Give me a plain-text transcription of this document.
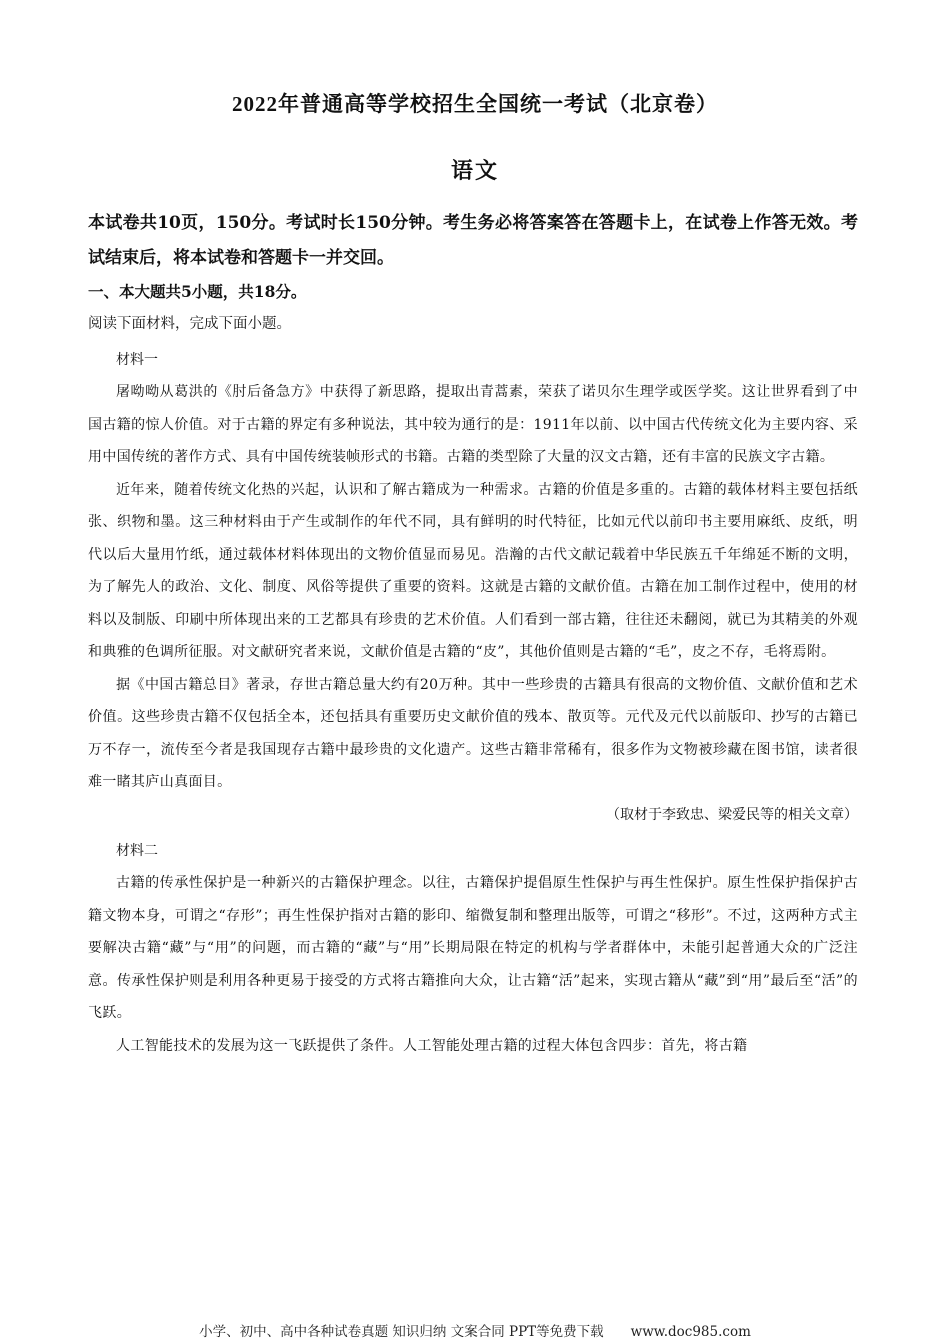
2022年普通高等学校招生全国统一考试（北京卷）
语文

本试卷共10页，150分。考试时长150分钟。考生务必将答案答在答题卡上，在试卷上作答无效。考试结束后，将本试卷和答题卡一并交回。

一、本大题共5小题，共18分。

阅读下面材料，完成下面小题。

材料一

屠呦呦从葛洪的《肘后备急方》中获得了新思路，提取出青蒿素，荣获了诺贝尔生理学或医学奖。这让世界看到了中国古籍的惊人价值。对于古籍的界定有多种说法，其中较为通行的是：1911年以前、以中国古代传统文化为主要内容、采用中国传统的著作方式、具有中国传统装帧形式的书籍。古籍的类型除了大量的汉文古籍，还有丰富的民族文字古籍。

近年来，随着传统文化热的兴起，认识和了解古籍成为一种需求。古籍的价值是多重的。古籍的载体材料主要包括纸张、织物和墨。这三种材料由于产生或制作的年代不同，具有鲜明的时代特征，比如元代以前印书主要用麻纸、皮纸，明代以后大量用竹纸，通过载体材料体现出的文物价值显而易见。浩瀚的古代文献记载着中华民族五千年绵延不断的文明，为了解先人的政治、文化、制度、风俗等提供了重要的资料。这就是古籍的文献价值。古籍在加工制作过程中，使用的材料以及制版、印刷中所体现出来的工艺都具有珍贵的艺术价值。人们看到一部古籍，往往还未翻阅，就已为其精美的外观和典雅的色调所征服。对文献研究者来说，文献价值是古籍的“皮”，其他价值则是古籍的“毛”，皮之不存，毛将焉附。

据《中国古籍总目》著录，存世古籍总量大约有20万种。其中一些珍贵的古籍具有很高的文物价值、文献价值和艺术价值。这些珍贵古籍不仅包括全本，还包括具有重要历史文献价值的残本、散页等。元代及元代以前版印、抄写的古籍已万不存一，流传至今者是我国现存古籍中最珍贵的文化遗产。这些古籍非常稀有，很多作为文物被珍藏在图书馆，读者很难一睹其庐山真面目。

（取材于李致忠、梁爱民等的相关文章）

材料二

古籍的传承性保护是一种新兴的古籍保护理念。以往，古籍保护提倡原生性保护与再生性保护。原生性保护指保护古籍文物本身，可谓之“存形”；再生性保护指对古籍的影印、缩微复制和整理出版等，可谓之“移形”。不过，这两种方式主要解决古籍“藏”与“用”的问题，而古籍的“藏”与“用”长期局限在特定的机构与学者群体中，未能引起普通大众的广泛注意。传承性保护则是利用各种更易于接受的方式将古籍推向大众，让古籍“活”起来，实现古籍从“藏”到“用”最后至“活”的飞跃。

人工智能技术的发展为这一飞跃提供了条件。人工智能处理古籍的过程大体包含四步：首先，将古籍

小学、初中、高中各种试卷真题 知识归纳 文案合同 PPT等免费下载　　www.doc985.com
